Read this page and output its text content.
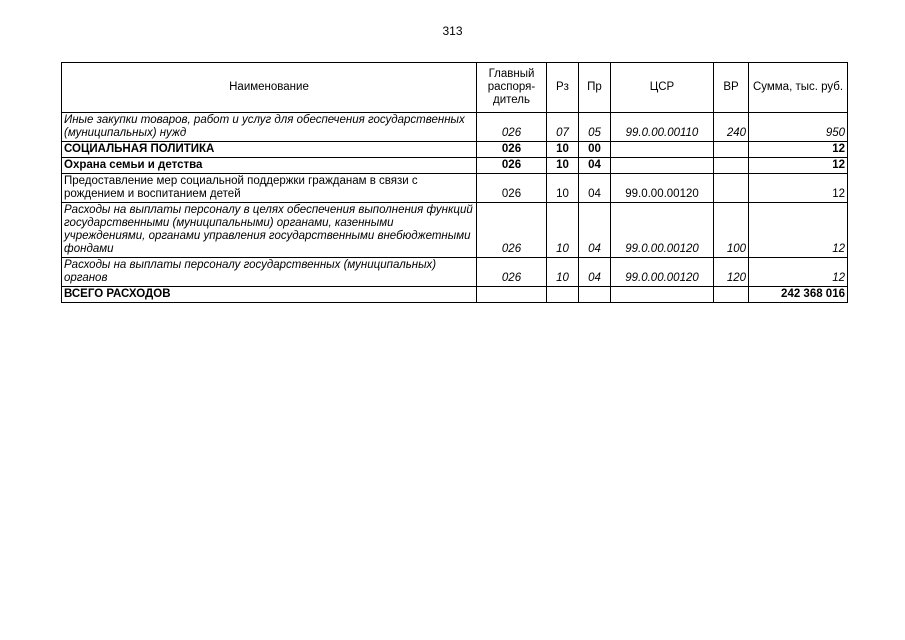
313
Наименование	Главный распоря-дитель	Рз	Пр	ЦСР	ВР	Сумма, тыс. руб.
Иные закупки товаров, работ и услуг для обеспечения государственных (муниципальных) нужд	026	07	05	99.0.00.00110	240	950
СОЦИАЛЬНАЯ ПОЛИТИКА	026	10	00			12
Охрана семьи и детства	026	10	04			12
Предоставление мер социальной поддержки гражданам в связи с рождением и воспитанием детей	026	10	04	99.0.00.00120		12
Расходы на выплаты персоналу в целях обеспечения выполнения функций государственными (муниципальными) органами, казенными учреждениями, органами управления государственными внебюджетными фондами	026	10	04	99.0.00.00120	100	12
Расходы на выплаты персоналу государственных (муниципальных) органов	026	10	04	99.0.00.00120	120	12
ВСЕГО РАСХОДОВ						242 368 016
